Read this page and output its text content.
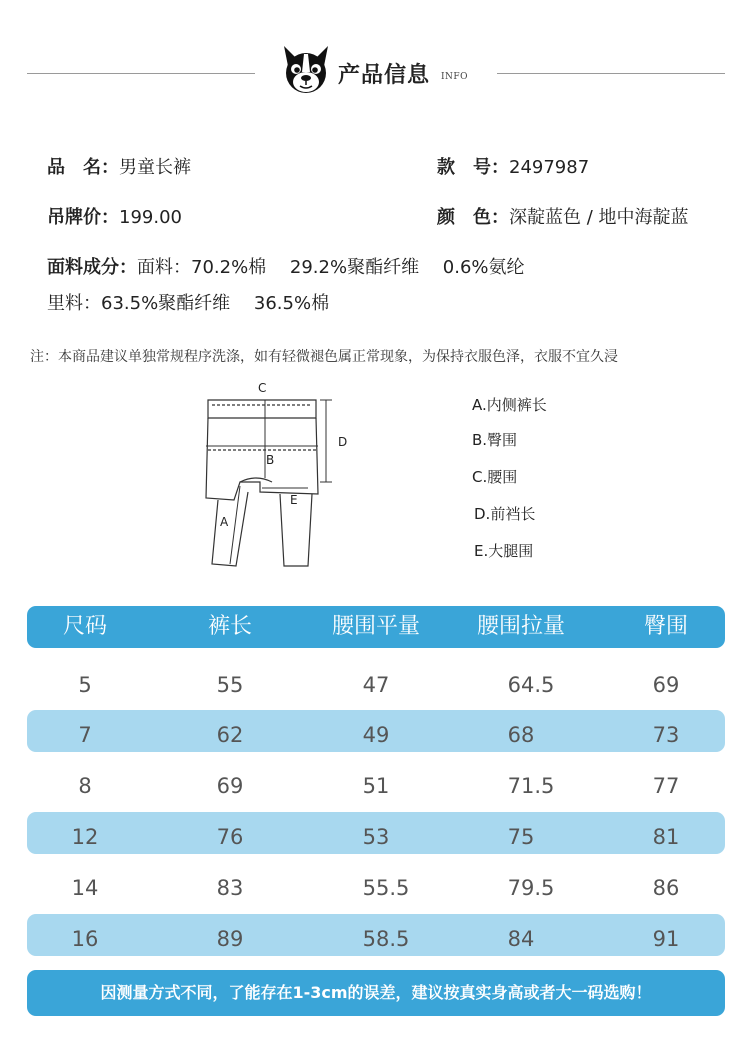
产品信息 INFO
品　名：男童长裤	款　号：2497987
吊牌价：199.00	颜　色：深靛蓝色 / 地中海靛蓝
面料成分：面料：70.2%棉　 29.2%聚酯纤维　 0.6%氨纶
里料：63.5%聚酯纤维　 36.5%棉
注：本商品建议单独常规程序洗涤，如有轻微褪色属正常现象，为保持衣服色泽，衣服不宜久浸
C
D
B
E
A
A.内侧裤长
B.臀围
C.腰围
D.前裆长
E.大腿围
尺码	裤长	腰围平量	腰围拉量	臀围
5	55	47	64.5	69
7	62	49	68	73
8	69	51	71.5	77
12	76	53	75	81
14	83	55.5	79.5	86
16	89	58.5	84	91
因测量方式不同，了能存在1-3cm的误差，建议按真实身高或者大一码选购！
